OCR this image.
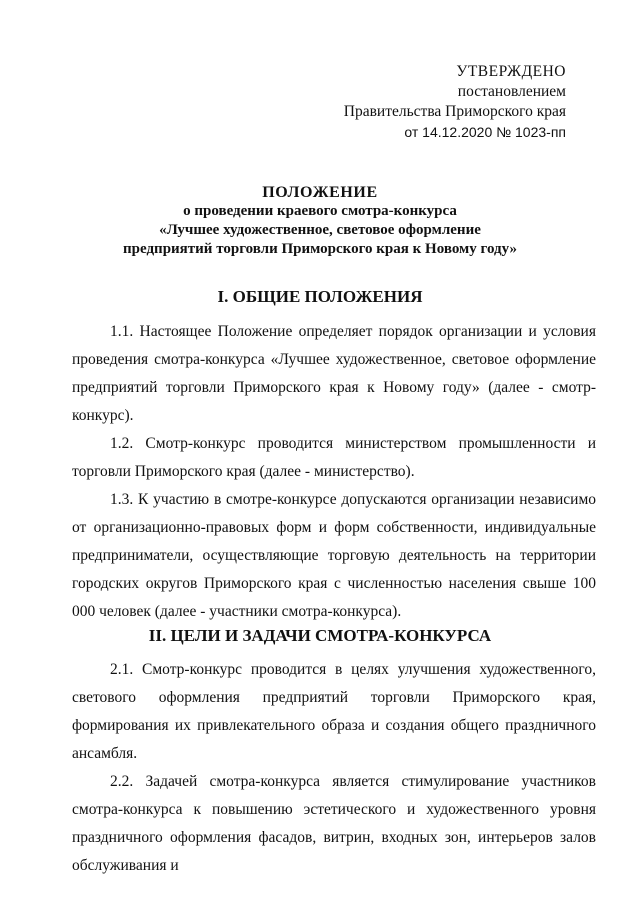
УТВЕРЖДЕНО
постановлением
Правительства Приморского края
от 14.12.2020 № 1023-пп
ПОЛОЖЕНИЕ
о проведении краевого смотра-конкурса
«Лучшее художественное, световое оформление
предприятий торговли Приморского края к Новому году»
I. ОБЩИЕ ПОЛОЖЕНИЯ

1.1. Настоящее Положение определяет порядок организации и условия проведения смотра-конкурса «Лучшее художественное, световое оформление предприятий торговли Приморского края к Новому году» (далее - смотр-конкурс).

1.2. Смотр-конкурс проводится министерством промышленности и торговли Приморского края (далее - министерство).

1.3. К участию в смотре-конкурсе допускаются организации независимо от организационно-правовых форм и форм собственности, индивидуальные предприниматели, осуществляющие торговую деятельность на территории городских округов Приморского края с численностью населения свыше 100 000 человек (далее - участники смотра-конкурса).

II. ЦЕЛИ И ЗАДАЧИ СМОТРА-КОНКУРСА

2.1. Смотр-конкурс проводится в целях улучшения художественного, светового оформления предприятий торговли Приморского края, формирования их привлекательного образа и создания общего праздничного ансамбля.

2.2. Задачей смотра-конкурса является стимулирование участников смотра-конкурса к повышению эстетического и художественного уровня праздничного оформления фасадов, витрин, входных зон, интерьеров залов обслуживания и
